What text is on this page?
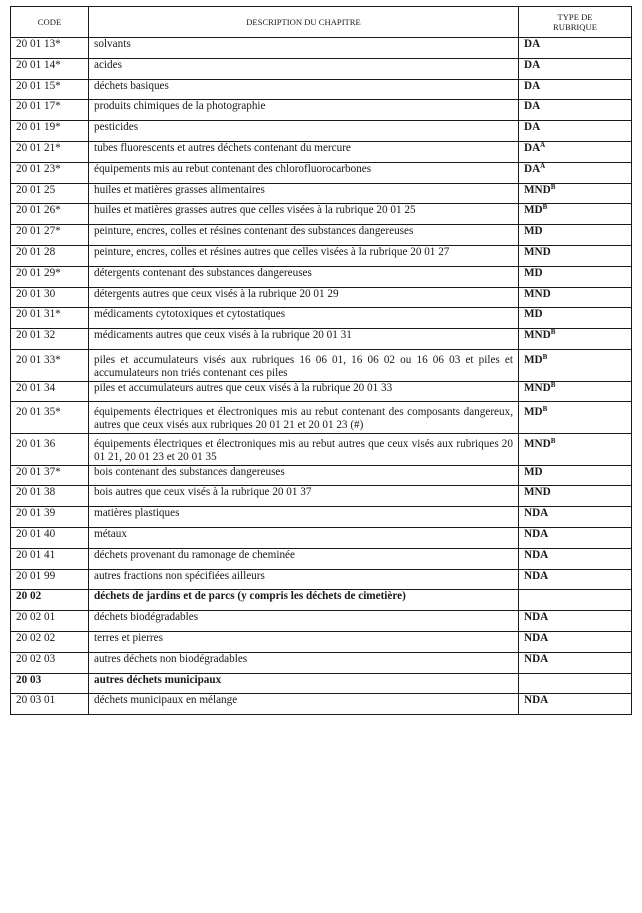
CODE	DESCRIPTION DU CHAPITRE	TYPE DE
RUBRIQUE
20 01 13*	solvants	DA
20 01 14*	acides	DA
20 01 15*	déchets basiques	DA
20 01 17*	produits chimiques de la photographie	DA
20 01 19*	pesticides	DA
20 01 21*	tubes fluorescents et autres déchets contenant du mercure	DA$^A$
20 01 23*	équipements mis au rebut contenant des chlorofluorocarbones	DA$^A$
20 01 25	huiles et matières grasses alimentaires	MND$^B$
20 01 26*	huiles et matières grasses autres que celles visées à la rubrique 20 01 25	MD$^B$
20 01 27*	peinture, encres, colles et résines contenant des substances dangereuses	MD
20 01 28	peinture, encres, colles et résines autres que celles visées à la rubrique 20 01 27	MND
20 01 29*	détergents contenant des substances dangereuses	MD
20 01 30	détergents autres que ceux visés à la rubrique 20 01 29	MND
20 01 31*	médicaments cytotoxiques et cytostatiques	MD
20 01 32	médicaments autres que ceux visés à la rubrique 20 01 31	MND$^B$
20 01 33*	piles et accumulateurs visés aux rubriques 16 06 01, 16 06 02 ou 16 06 03 et piles et accumulateurs non triés contenant ces piles	MD$^B$
20 01 34	piles et accumulateurs autres que ceux visés à la rubrique 20 01 33	MND$^B$
20 01 35*	équipements électriques et électroniques mis au rebut contenant des composants dangereux, autres que ceux visés aux rubriques 20 01 21 et 20 01 23 (#)	MD$^B$
20 01 36	équipements électriques et électroniques mis au rebut autres que ceux visés aux rubriques 20 01 21, 20 01 23 et 20 01 35	MND$^B$
20 01 37*	bois contenant des substances dangereuses	MD
20 01 38	bois autres que ceux visés à la rubrique 20 01 37	MND
20 01 39	matières plastiques	NDA
20 01 40	métaux	NDA
20 01 41	déchets provenant du ramonage de cheminée	NDA
20 01 99	autres fractions non spécifiées ailleurs	NDA
20 02	déchets de jardins et de parcs (y compris les déchets de cimetière)	
20 02 01	déchets biodégradables	NDA
20 02 02	terres et pierres	NDA
20 02 03	autres déchets non biodégradables	NDA
20 03	autres déchets municipaux	
20 03 01	déchets municipaux en mélange	NDA
